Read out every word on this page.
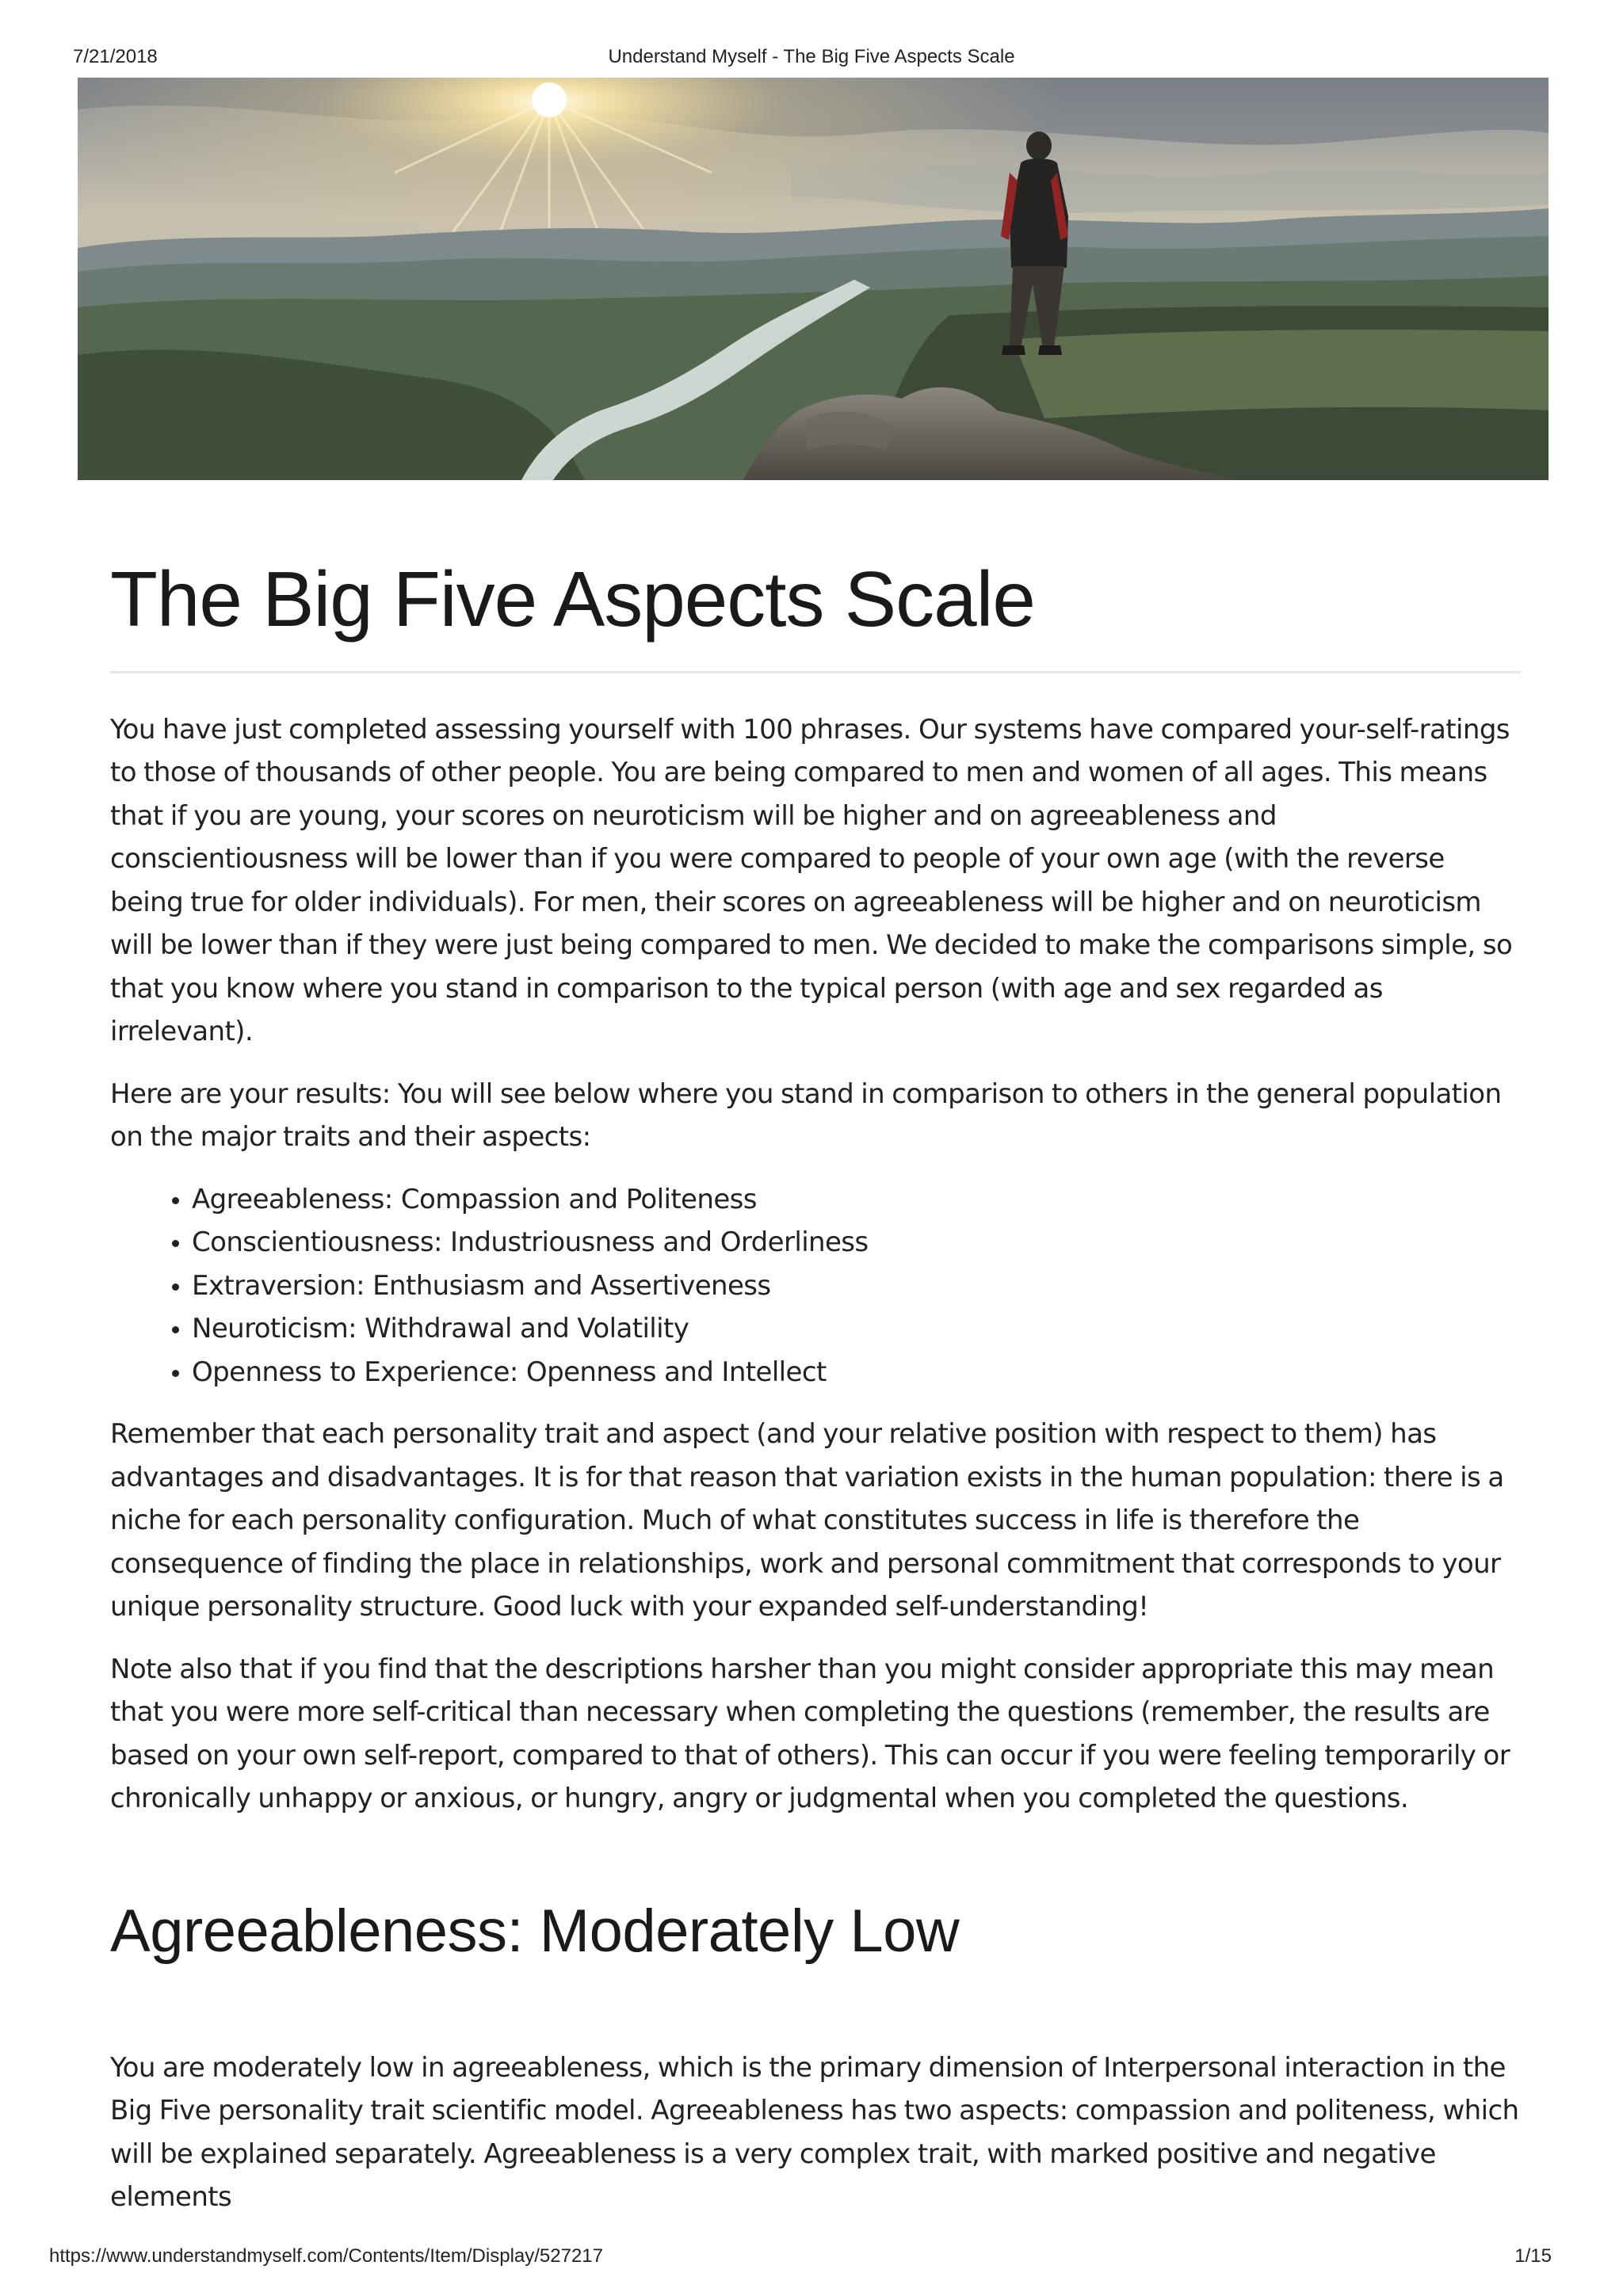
7/21/2018	Understand Myself - The Big Five Aspects Scale
The Big Five Aspects Scale

You have just completed assessing yourself with 100 phrases. Our systems have compared your-self-ratings to those of thousands of other people. You are being compared to men and women of all ages. This means that if you are young, your scores on neuroticism will be higher and on agreeableness and conscientiousness will be lower than if you were compared to people of your own age (with the reverse being true for older individuals). For men, their scores on agreeableness will be higher and on neuroticism will be lower than if they were just being compared to men. We decided to make the comparisons simple, so that you know where you stand in comparison to the typical person (with age and sex regarded as irrelevant).

Here are your results: You will see below where you stand in comparison to others in the general population on the major traits and their aspects:

• Agreeableness: Compassion and Politeness
• Conscientiousness: Industriousness and Orderliness
• Extraversion: Enthusiasm and Assertiveness
• Neuroticism: Withdrawal and Volatility
• Openness to Experience: Openness and Intellect

Remember that each personality trait and aspect (and your relative position with respect to them) has advantages and disadvantages. It is for that reason that variation exists in the human population: there is a niche for each personality configuration. Much of what constitutes success in life is therefore the consequence of finding the place in relationships, work and personal commitment that corresponds to your unique personality structure. Good luck with your expanded self-understanding!

Note also that if you find that the descriptions harsher than you might consider appropriate this may mean that you were more self-critical than necessary when completing the questions (remember, the results are based on your own self-report, compared to that of others). This can occur if you were feeling temporarily or chronically unhappy or anxious, or hungry, angry or judgmental when you completed the questions.

Agreeableness: Moderately Low

You are moderately low in agreeableness, which is the primary dimension of Interpersonal interaction in the Big Five personality trait scientific model. Agreeableness has two aspects: compassion and politeness, which will be explained separately. Agreeableness is a very complex trait, with marked positive and negative elements

https://www.understandmyself.com/Contents/Item/Display/527217	1/15
